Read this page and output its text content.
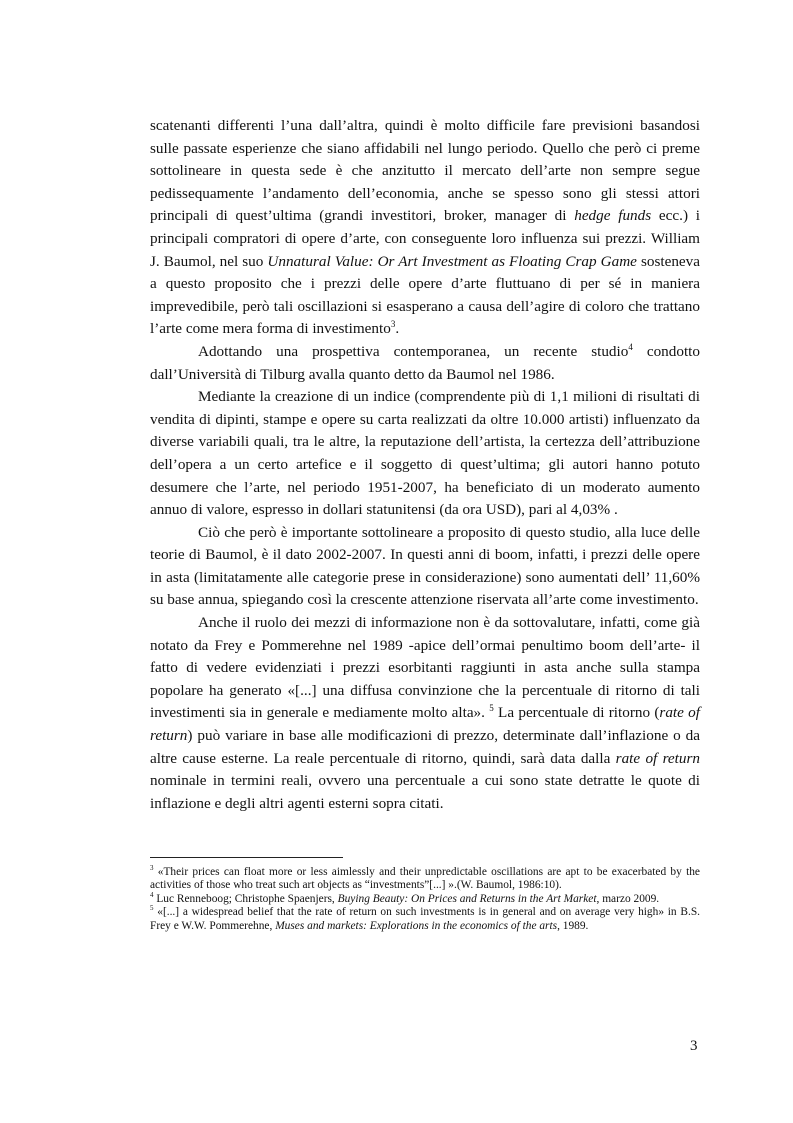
scatenanti differenti l’una dall’altra, quindi è molto difficile fare previsioni basandosi sulle passate esperienze che siano affidabili nel lungo periodo. Quello che però ci preme sottolineare in questa sede è che anzitutto il mercato dell’arte non sempre segue pedissequamente l’andamento dell’economia, anche se spesso sono gli stessi attori principali di quest’ultima (grandi investitori, broker, manager di hedge funds ecc.) i principali compratori di opere d’arte, con conseguente loro influenza sui prezzi. William J. Baumol, nel suo Unnatural Value: Or Art Investment as Floating Crap Game sosteneva a questo proposito che i prezzi delle opere d’arte fluttuano di per sé in maniera imprevedibile, però tali oscillazioni si esasperano a causa dell’agire di coloro che trattano l’arte come mera forma di investimento$^3$.

Adottando una prospettiva contemporanea, un recente studio$^4$ condotto dall’Università di Tilburg avalla quanto detto da Baumol nel 1986.

Mediante la creazione di un indice (comprendente più di 1,1 milioni di risultati di vendita di dipinti, stampe e opere su carta realizzati da oltre 10.000 artisti) influenzato da diverse variabili quali, tra le altre, la reputazione dell’artista, la certezza dell’attribuzione dell’opera a un certo artefice e il soggetto di quest’ultima; gli autori hanno potuto desumere che l’arte, nel periodo 1951-2007, ha beneficiato di un moderato aumento annuo di valore, espresso in dollari statunitensi (da ora USD), pari al 4,03% .

Ciò che però è importante sottolineare a proposito di questo studio, alla luce delle teorie di Baumol, è il dato 2002-2007. In questi anni di boom, infatti, i prezzi delle opere in asta (limitatamente alle categorie prese in considerazione) sono aumentati dell’ 11,60% su base annua, spiegando così la crescente attenzione riservata all’arte come investimento.

Anche il ruolo dei mezzi di informazione non è da sottovalutare, infatti, come già notato da Frey e Pommerehne nel 1989 -apice dell’ormai penultimo boom dell’arte- il fatto di vedere evidenziati i prezzi esorbitanti raggiunti in asta anche sulla stampa popolare ha generato «[...] una diffusa convinzione che la percentuale di ritorno di tali investimenti sia in generale e mediamente molto alta». $^5$ La percentuale di ritorno (rate of return) può variare in base alle modificazioni di prezzo, determinate dall’inflazione o da altre cause esterne. La reale percentuale di ritorno, quindi, sarà data dalla rate of return nominale in termini reali, ovvero una percentuale a cui sono state detratte le quote di inflazione e degli altri agenti esterni sopra citati.

$^3$ «Their prices can float more or less aimlessly and their unpredictable oscillations are apt to be exacerbated by the activities of those who treat such art objects as “investments”[...] ».(W. Baumol, 1986:10).

$^4$ Luc Renneboog; Christophe Spaenjers, Buying Beauty: On Prices and Returns in the Art Market, marzo 2009.

$^5$ «[...] a widespread belief that the rate of return on such investments is in general and on average very high» in B.S. Frey e W.W. Pommerehne, Muses and markets: Explorations in the economics of the arts, 1989.

3
